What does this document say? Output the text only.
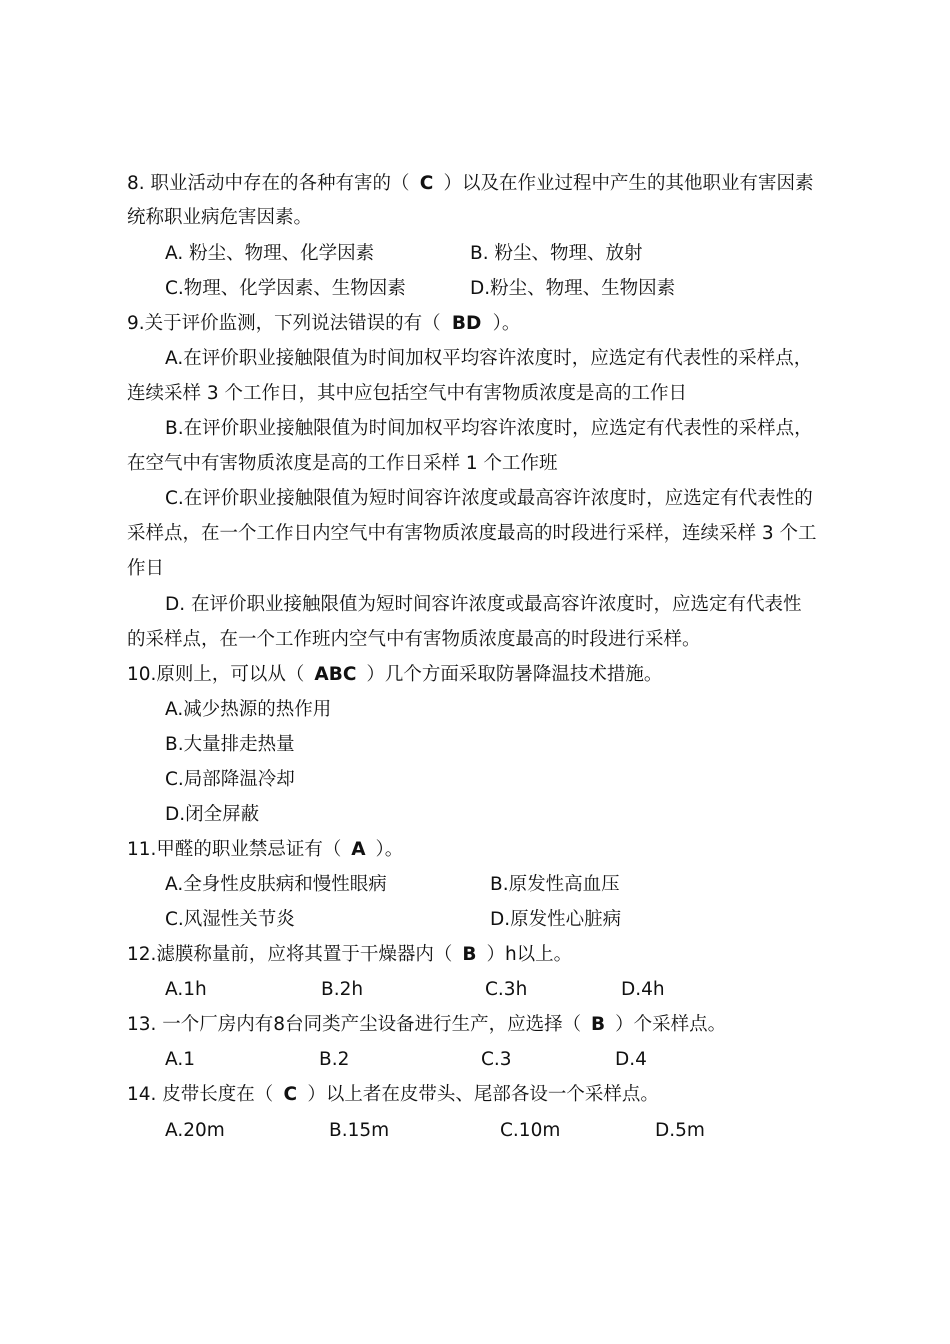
8. 职业活动中存在的各种有害的（ C ）以及在作业过程中产生的其他职业有害因素
统称职业病危害因素。
A. 粉尘、物理、化学因素	B. 粉尘、物理、放射
C.物理、化学因素、生物因素	D.粉尘、物理、生物因素
9.关于评价监测，下列说法错误的有（ BD ）。
A.在评价职业接触限值为时间加权平均容许浓度时，应选定有代表性的采样点，
连续采样 3 个工作日，其中应包括空气中有害物质浓度是高的工作日
B.在评价职业接触限值为时间加权平均容许浓度时，应选定有代表性的采样点，
在空气中有害物质浓度是高的工作日采样 1 个工作班
C.在评价职业接触限值为短时间容许浓度或最高容许浓度时，应选定有代表性的
采样点，在一个工作日内空气中有害物质浓度最高的时段进行采样，连续采样 3 个工
作日
D. 在评价职业接触限值为短时间容许浓度或最高容许浓度时，应选定有代表性
的采样点，在一个工作班内空气中有害物质浓度最高的时段进行采样。
10.原则上，可以从（ ABC ）几个方面采取防暑降温技术措施。
A.减少热源的热作用
B.大量排走热量
C.局部降温冷却
D.闭全屏蔽
11.甲醛的职业禁忌证有（ A ）。
A.全身性皮肤病和慢性眼病	B.原发性高血压
C.风湿性关节炎	D.原发性心脏病
12.滤膜称量前，应将其置于干燥器内（ B ）h以上。
A.1h	B.2h	C.3h	D.4h
13. 一个厂房内有8台同类产尘设备进行生产，应选择（ B ）个采样点。
A.1	B.2	C.3	D.4
14. 皮带长度在（ C ）以上者在皮带头、尾部各设一个采样点。
A.20m	B.15m	C.10m	D.5m
